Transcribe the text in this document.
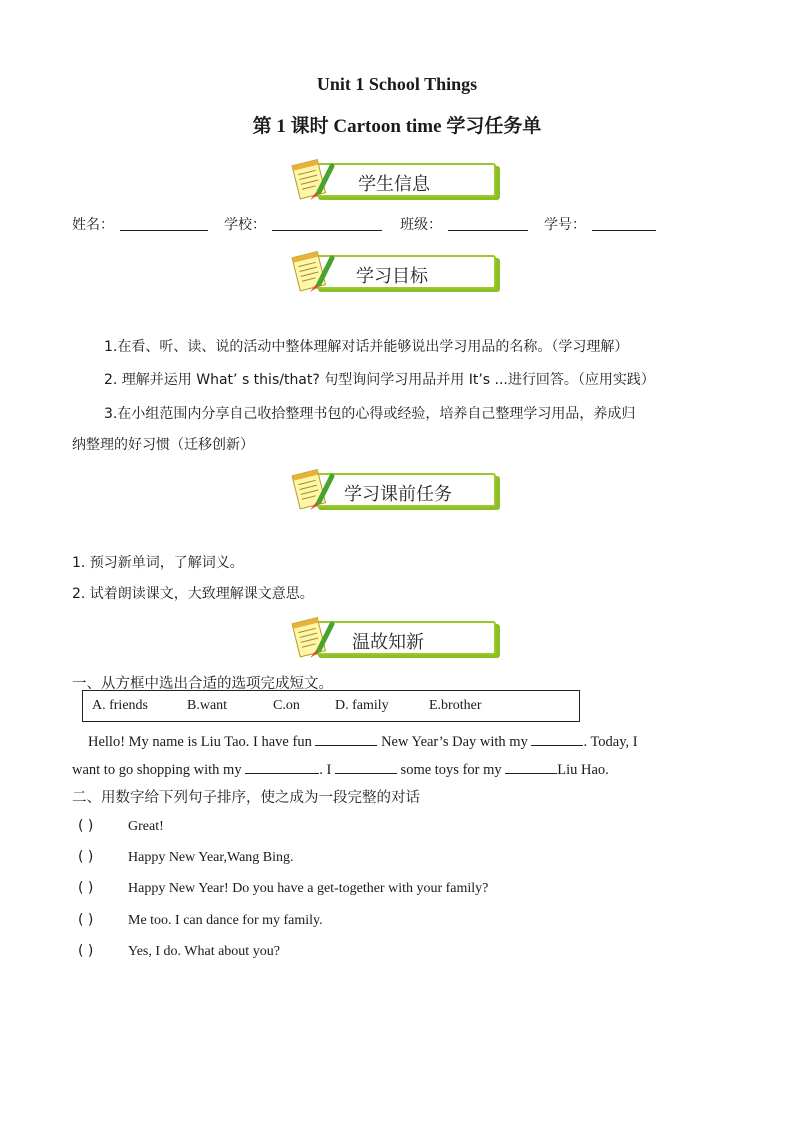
Unit 1 School Things
第 1 课时 Cartoon time 学习任务单
学生信息
姓名：	学校：	班级：	学号：
学习目标
1.在看、听、读、说的活动中整体理解对话并能够说出学习用品的名称。（学习理解）
2. 理解并运用 What’ s this/that? 句型询问学习用品并用 It’s ...进行回答。（应用实践）
3.在小组范围内分享自己收拾整理书包的心得或经验，培养自己整理学习用品，养成归
纳整理的好习惯（迁移创新）
学习课前任务
1. 预习新单词，了解词义。
2. 试着朗读课文，大致理解课文意思。
温故知新
一、从方框中选出合适的选项完成短文。
A. friends	B.want	C.on	D. family	E.brother
Hello! My name is Liu Tao. I have fun	New Year’s Day with my	. Today, I
want to go shopping with my	. I	some toys for my	Liu Hao.
二、用数字给下列句子排序，使之成为一段完整的对话
( ) Great!
( ) Happy New Year,Wang Bing.
( ) Happy New Year! Do you have a get-together with your family?
( ) Me too. I can dance for my family.
( ) Yes, I do. What about you?
